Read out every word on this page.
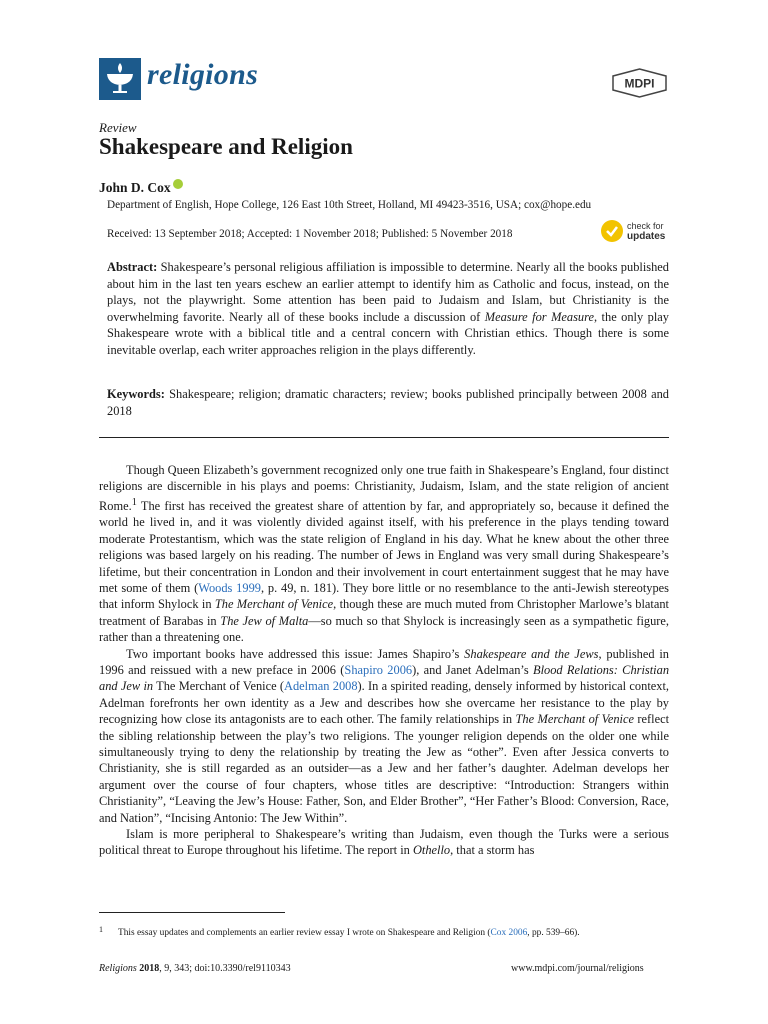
religions	MDPI
Review
Shakespeare and Religion
John D. Cox
Department of English, Hope College, 126 East 10th Street, Holland, MI 49423-3516, USA; cox@hope.edu
Received: 13 September 2018; Accepted: 1 November 2018; Published: 5 November 2018
check for
updates
Abstract: Shakespeare’s personal religious affiliation is impossible to determine. Nearly all the books published about him in the last ten years eschew an earlier attempt to identify him as Catholic and focus, instead, on the plays, not the playwright. Some attention has been paid to Judaism and Islam, but Christianity is the overwhelming favorite. Nearly all of these books include a discussion of Measure for Measure, the only play Shakespeare wrote with a biblical title and a central concern with Christian ethics. Though there is some inevitable overlap, each writer approaches religion in the plays differently.
Keywords: Shakespeare; religion; dramatic characters; review; books published principally between 2008 and 2018

Though Queen Elizabeth’s government recognized only one true faith in Shakespeare’s England, four distinct religions are discernible in his plays and poems: Christianity, Judaism, Islam, and the state religion of ancient Rome.$^1$ The first has received the greatest share of attention by far, and appropriately so, because it defined the world he lived in, and it was violently divided against itself, with his preference in the plays tending toward moderate Protestantism, which was the state religion of England in his day. What he knew about the other three religions was based largely on his reading. The number of Jews in England was very small during Shakespeare’s lifetime, but their concentration in London and their involvement in court entertainment suggest that he may have met some of them (Woods 1999, p. 49, n. 181). They bore little or no resemblance to the anti-Jewish stereotypes that inform Shylock in The Merchant of Venice, though these are much muted from Christopher Marlowe’s blatant treatment of Barabas in The Jew of Malta—so much so that Shylock is increasingly seen as a sympathetic figure, rather than a threatening one.

Two important books have addressed this issue: James Shapiro’s Shakespeare and the Jews, published in 1996 and reissued with a new preface in 2006 (Shapiro 2006), and Janet Adelman’s Blood Relations: Christian and Jew in The Merchant of Venice (Adelman 2008). In a spirited reading, densely informed by historical context, Adelman forefronts her own identity as a Jew and describes how she overcame her resistance to the play by recognizing how close its antagonists are to each other. The family relationships in The Merchant of Venice reflect the sibling relationship between the play’s two religions. The younger religion depends on the older one while simultaneously trying to deny the relationship by treating the Jew as “other”. Even after Jessica converts to Christianity, she is still regarded as an outsider—as a Jew and her father’s daughter. Adelman develops her argument over the course of four chapters, whose titles are descriptive: “Introduction: Strangers within Christianity”, “Leaving the Jew’s House: Father, Son, and Elder Brother”, “Her Father’s Blood: Conversion, Race, and Nation”, “Incising Antonio: The Jew Within”.

Islam is more peripheral to Shakespeare’s writing than Judaism, even though the Turks were a serious political threat to Europe throughout his lifetime. The report in Othello, that a storm has

1 This essay updates and complements an earlier review essay I wrote on Shakespeare and Religion (Cox 2006, pp. 539–66).
Religions 2018, 9, 343; doi:10.3390/rel9110343	www.mdpi.com/journal/religions
